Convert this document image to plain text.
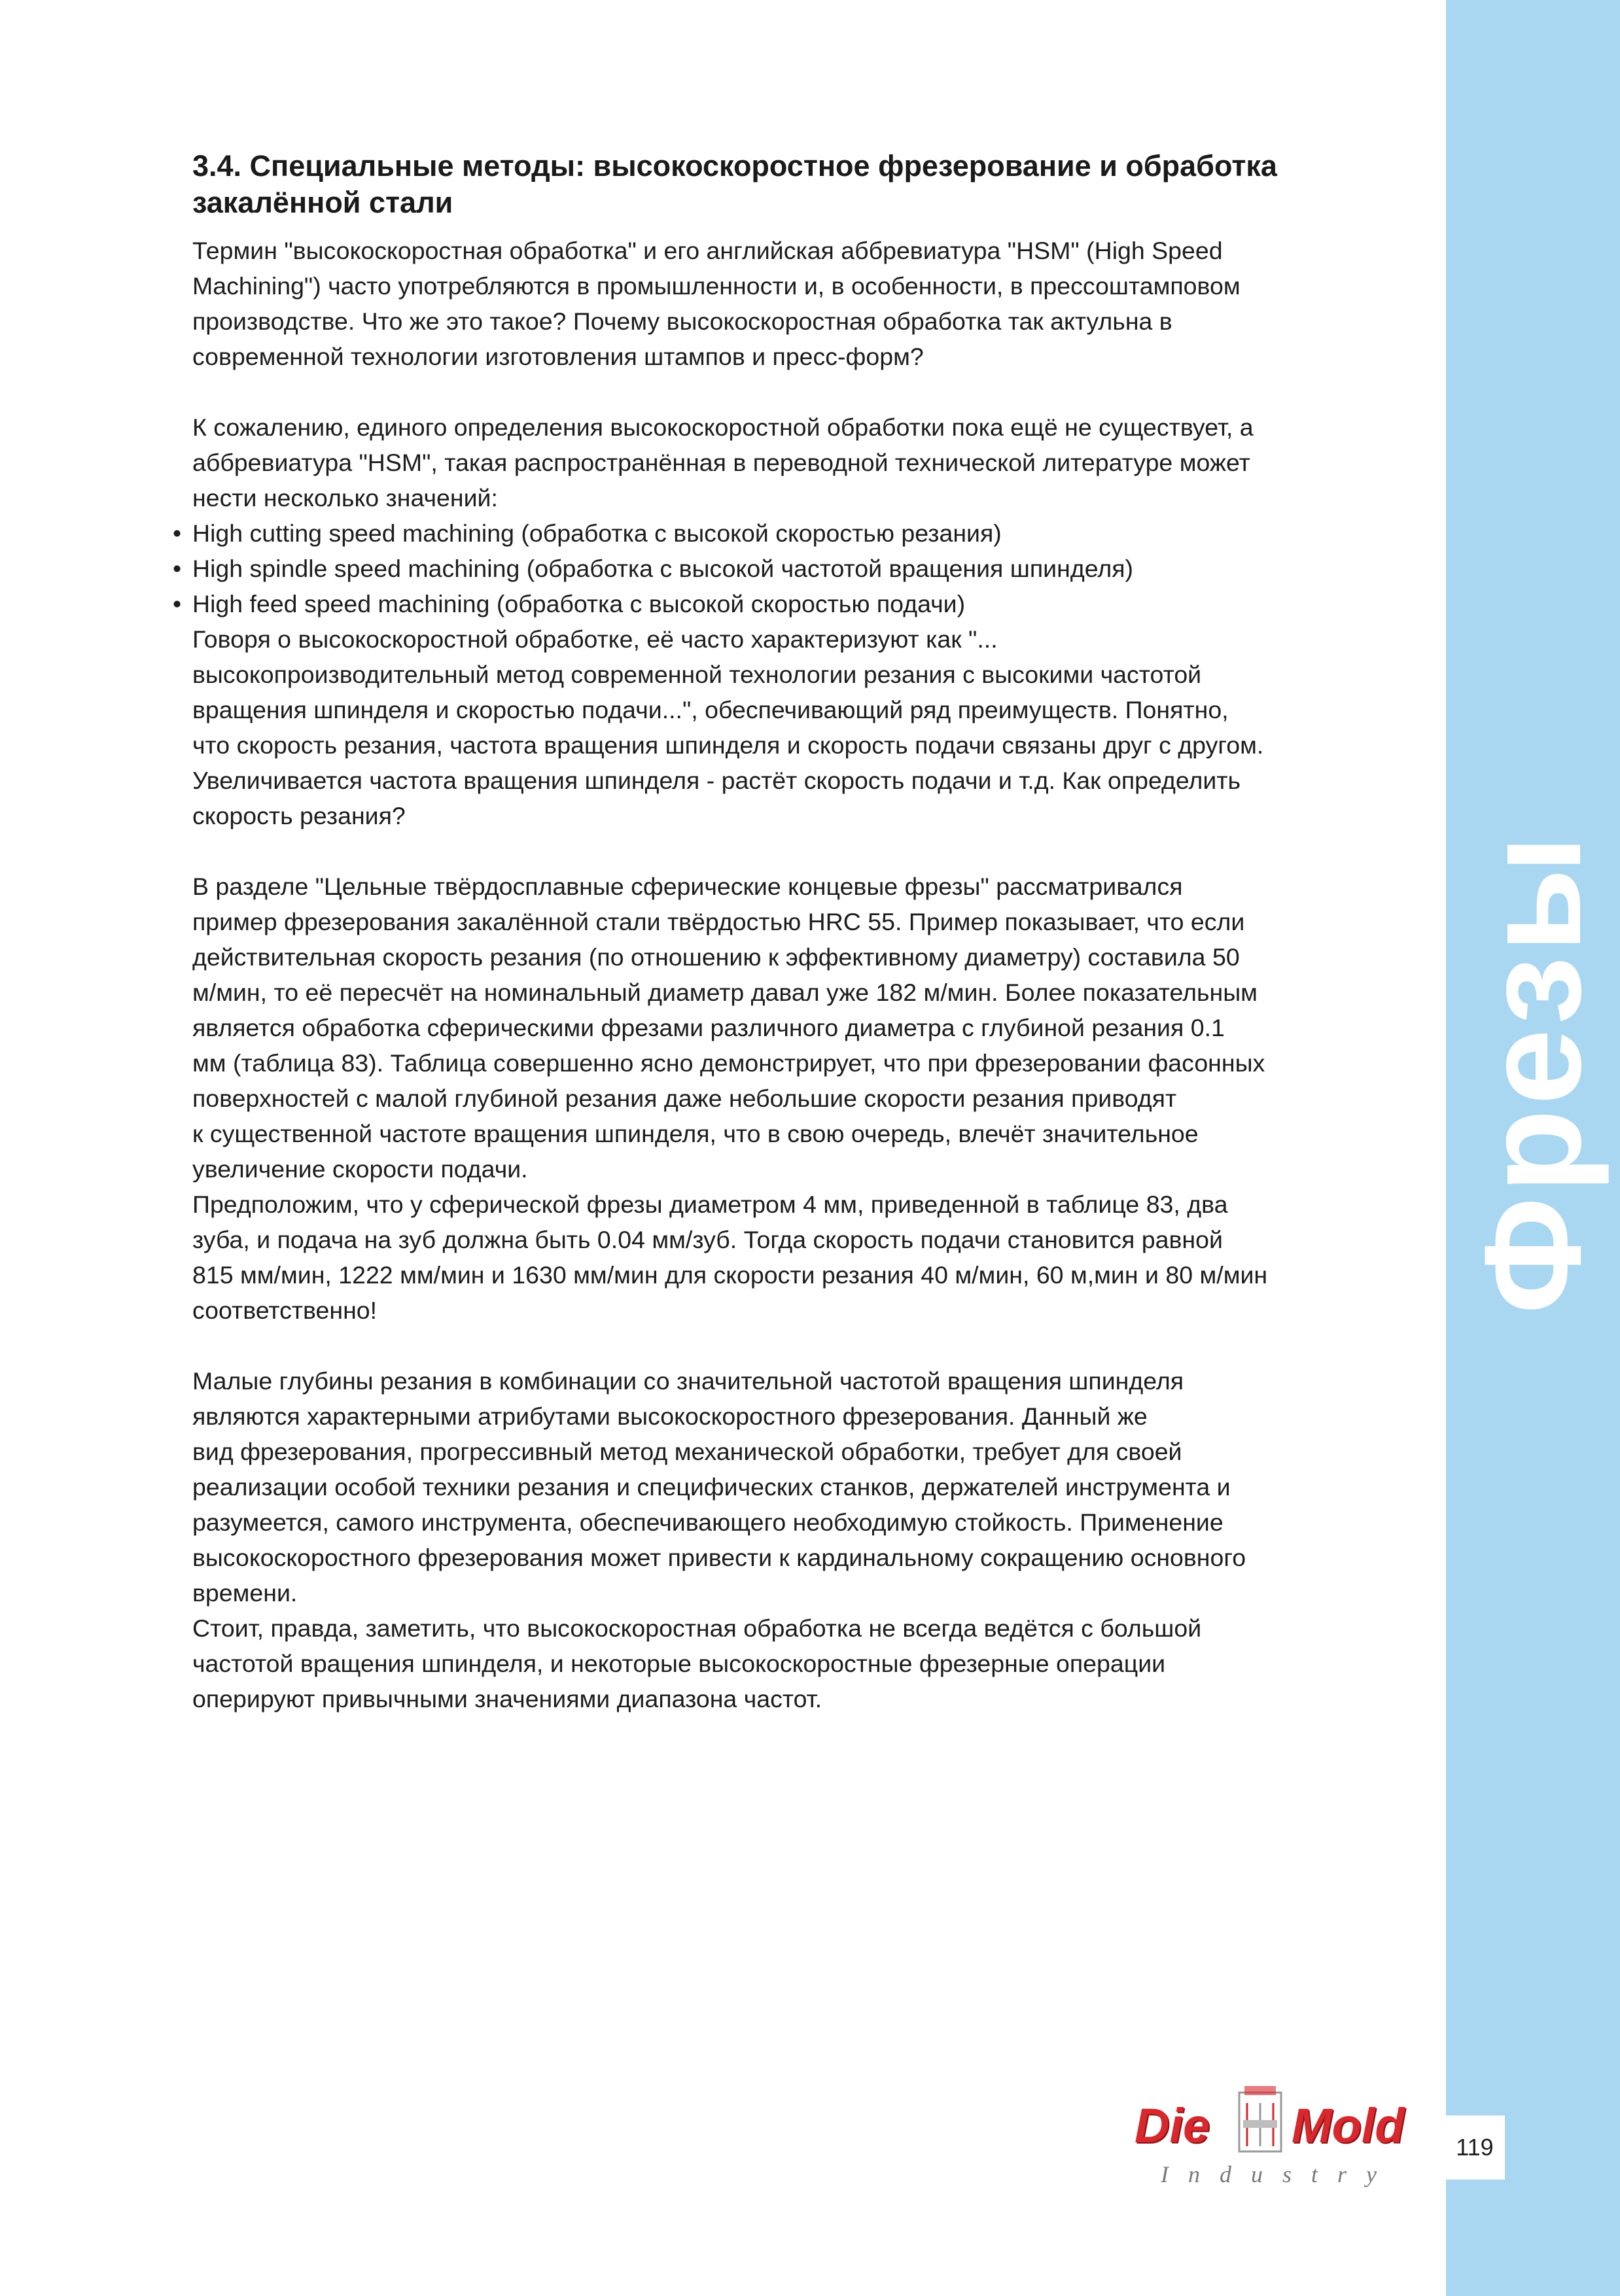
3.4. Специальные методы: высокоскоростное фрезерование и обработка закалённой стали

Термин "высокоскоростная обработка" и его английская аббревиатура "HSM" (High Speed
Machining") часто употребляются в промышленности и, в особенности, в прессоштамповом
производстве. Что же это такое? Почему высокоскоростная обработка так актульна в
современной технологии изготовления штампов и пресс-форм?

К сожалению, единого определения высокоскоростной обработки пока ещё не существует, а
аббревиатура "HSM", такая распространённая в переводной технической литературе может
нести несколько значений:

• High cutting speed machining (обработка с высокой скоростью резания)
• High spindle speed machining (обработка с высокой частотой вращения шпинделя)
• High feed speed machining (обработка с высокой скоростью подачи)

Говоря о высокоскоростной обработке, её часто характеризуют как "...
высокопроизводительный метод современной технологии резания с высокими частотой
вращения шпинделя и скоростью подачи...", обеспечивающий ряд преимуществ. Понятно,
что скорость резания, частота вращения шпинделя и скорость подачи связаны друг с другом.
Увеличивается частота вращения шпинделя - растёт скорость подачи и т.д. Как определить
скорость резания?

В разделе "Цельные твёрдосплавные сферические концевые фрезы" рассматривался
пример фрезерования закалённой стали твёрдостью HRC 55. Пример показывает, что если
действительная скорость резания (по отношению к эффективному диаметру) составила 50
м/мин, то её пересчёт на номинальный диаметр давал уже 182 м/мин. Более показательным
является обработка сферическими фрезами различного диаметра с глубиной резания 0.1
мм (таблица 83). Таблица совершенно ясно демонстрирует, что при фрезеровании фасонных
поверхностей с малой глубиной резания даже небольшие скорости резания приводят
к существенной частоте вращения шпинделя, что в свою очередь, влечёт значительное
увеличение скорости подачи.

Предположим, что у сферической фрезы диаметром 4 мм, приведенной в таблице 83, два
зуба, и подача на зуб должна быть 0.04 мм/зуб. Тогда скорость подачи становится равной
815 мм/мин, 1222 мм/мин и 1630 мм/мин для скорости резания 40 м/мин, 60 м,мин и 80 м/мин
соответственно!

Малые глубины резания в комбинации со значительной частотой вращения шпинделя
являются характерными атрибутами высокоскоростного фрезерования. Данный же
вид фрезерования, прогрессивный метод механической обработки, требует для своей
реализации особой техники резания и специфических станков, держателей инструмента и
разумеется, самого инструмента, обеспечивающего необходимую стойкость. Применение
высокоскоростного фрезерования может привести к кардинальному сокращению основного
времени.

Стоит, правда, заметить, что высокоскоростная обработка не всегда ведётся с большой
частотой вращения шпинделя, и некоторые высокоскоростные фрезерные операции
оперируют привычными значениями диапазона частот.

Фрезы
Die Mold
Industry
119
